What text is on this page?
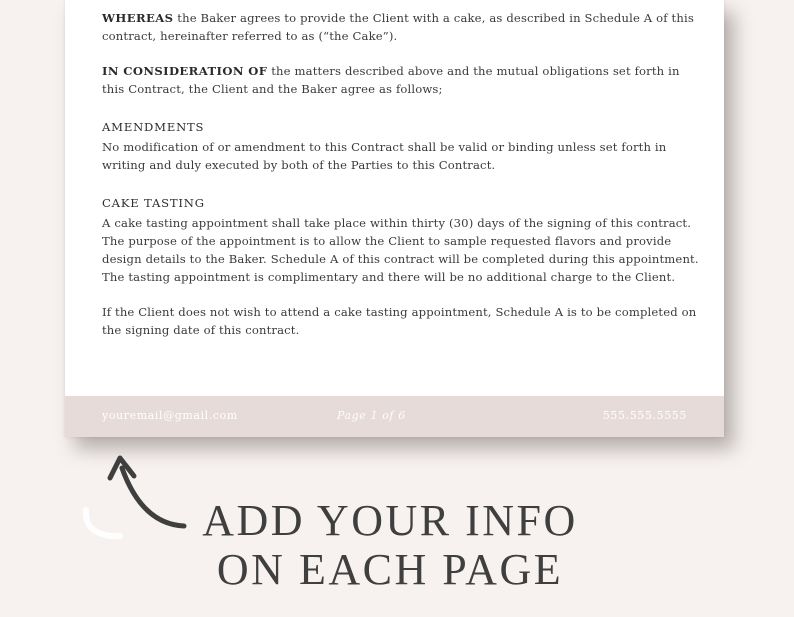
WHEREAS the Baker agrees to provide the Client with a cake, as described in Schedule A of this contract, hereinafter referred to as (“the Cake”).

IN CONSIDERATION OF the matters described above and the mutual obligations set forth in this Contract, the Client and the Baker agree as follows;

AMENDMENTS

No modification of or amendment to this Contract shall be valid or binding unless set forth in writing and duly executed by both of the Parties to this Contract.

CAKE TASTING

A cake tasting appointment shall take place within thirty (30) days of the signing of this contract. The purpose of the appointment is to allow the Client to sample requested flavors and provide design details to the Baker. Schedule A of this contract will be completed during this appointment. The tasting appointment is complimentary and there will be no additional charge to the Client.

If the Client does not wish to attend a cake tasting appointment, Schedule A is to be completed on the signing date of this contract.

youremail@gmail.com	Page 1 of 6	555.555.5555
ADD YOUR INFO
ON EACH PAGE
